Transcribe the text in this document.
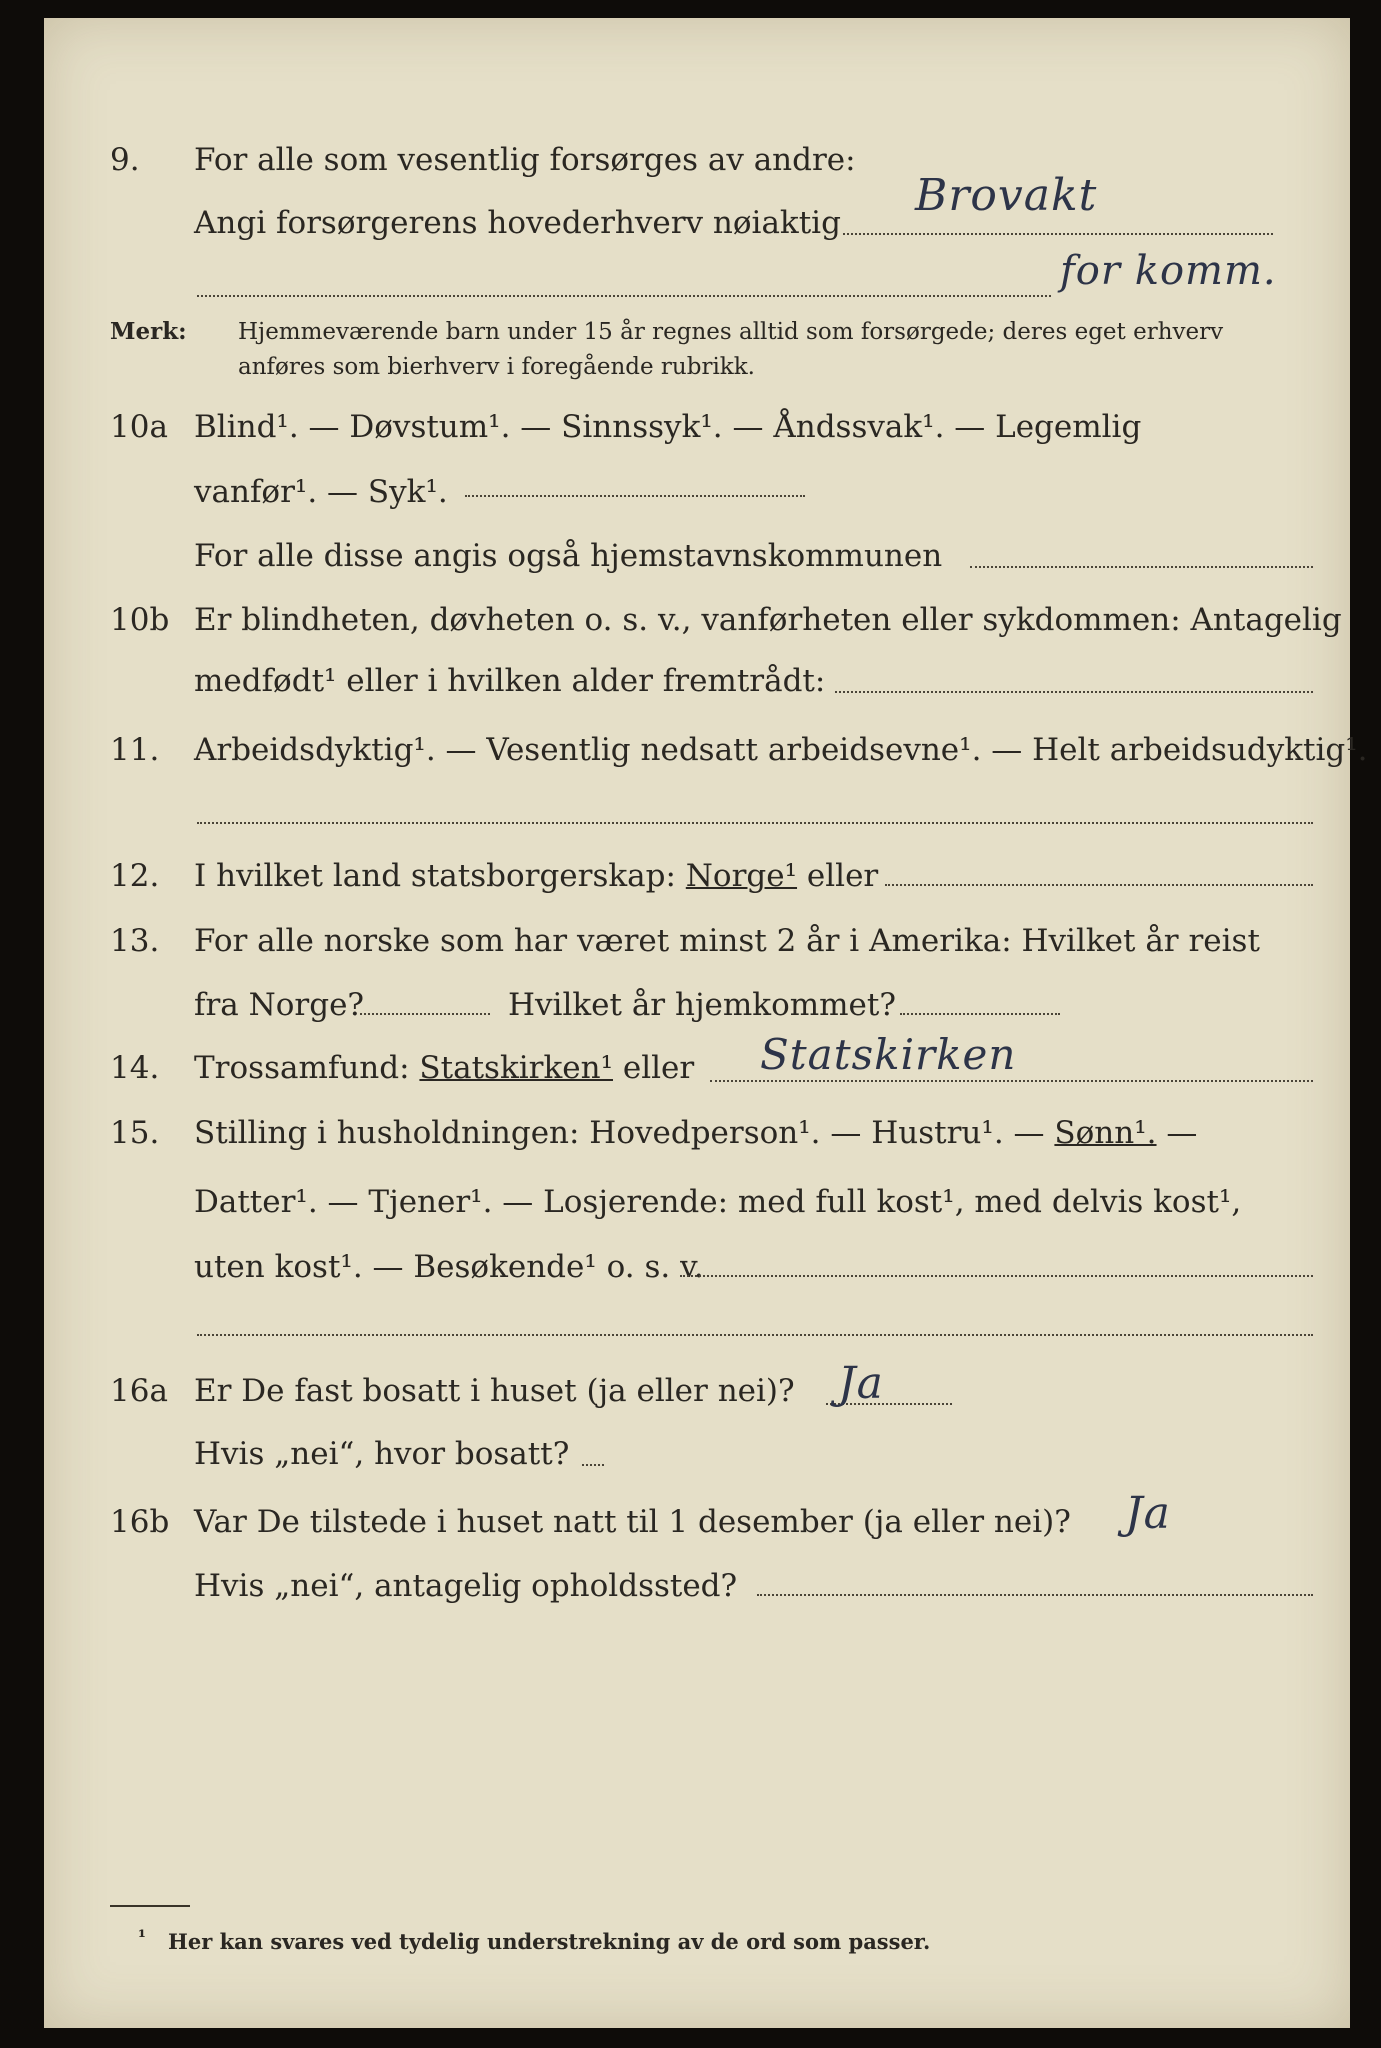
9. For alle som vesentlig forsørges av andre:
Angi forsørgerens hovederhverv nøiaktig
Brovakt
for komm.
Merk: Hjemmeværende barn under 15 år regnes alltid som forsørgede; deres eget erhverv
anføres som bierhverv i foregående rubrikk.
10a Blind¹. — Døvstum¹. — Sinnssyk¹. — Åndssvak¹. — Legemlig
vanfør¹. — Syk¹.
For alle disse angis også hjemstavnskommunen
10b Er blindheten, døvheten o. s. v., vanførheten eller sykdommen: Antagelig
medfødt¹ eller i hvilken alder fremtrådt:
11. Arbeidsdyktig¹. — Vesentlig nedsatt arbeidsevne¹. — Helt arbeidsudyktig¹.
12. I hvilket land statsborgerskap: Norge¹ eller
13. For alle norske som har været minst 2 år i Amerika: Hvilket år reist
fra Norge?	Hvilket år hjemkommet?
14. Trossamfund: Statskirken¹ eller Statskirken
15. Stilling i husholdningen: Hovedperson¹. — Hustru¹. — Sønn¹. —
Datter¹. — Tjener¹. — Losjerende: med full kost¹, med delvis kost¹,
uten kost¹. — Besøkende¹ o. s. v.
16a Er De fast bosatt i huset (ja eller nei)? Ja
Hvis „nei“, hvor bosatt?
16b Var De tilstede i huset natt til 1 desember (ja eller nei)? Ja
Hvis „nei“, antagelig opholdssted?
¹ Her kan svares ved tydelig understrekning av de ord som passer.
